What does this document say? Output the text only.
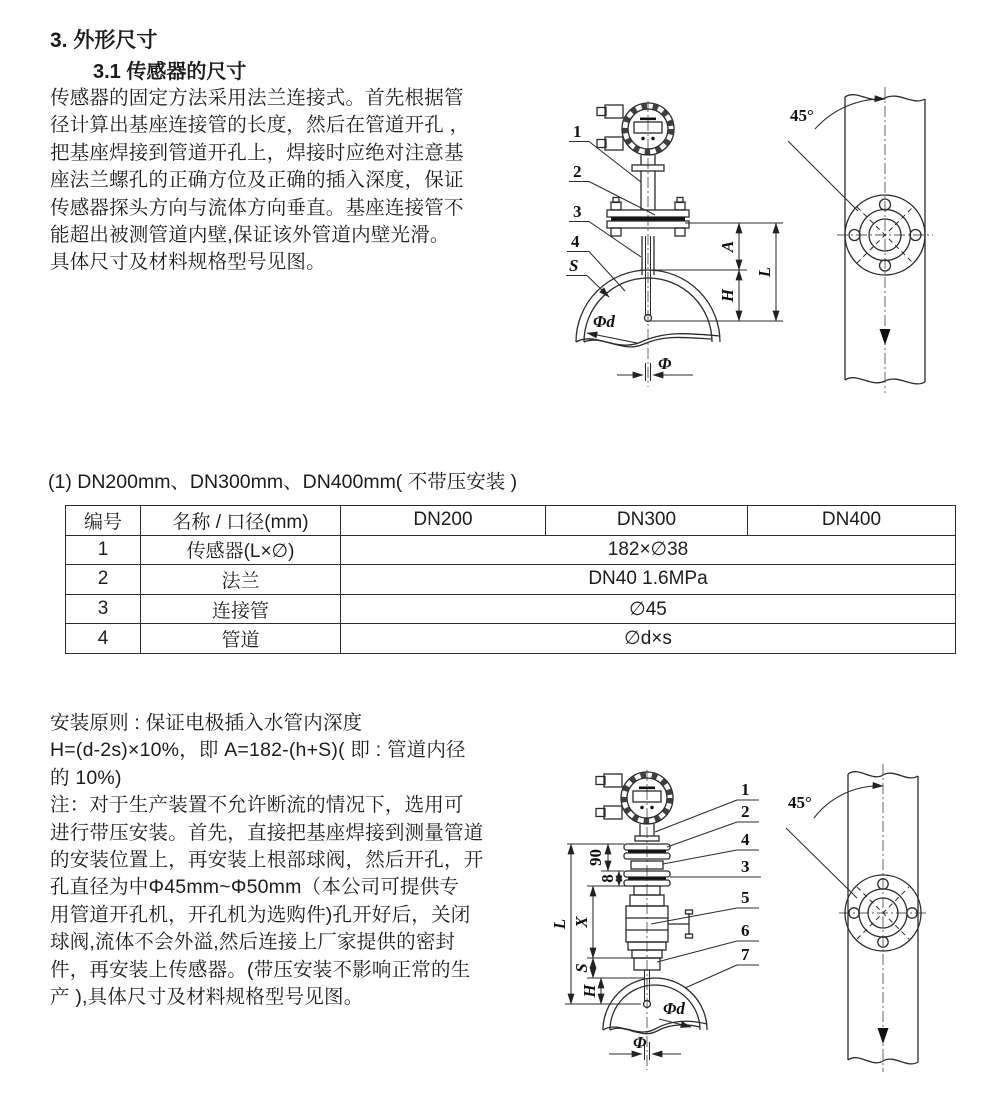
3. 外形尺寸
3.1 传感器的尺寸
传感器的固定方法采用法兰连接式。首先根据管
径计算出基座连接管的长度，然后在管道开孔 ，
把基座焊接到管道开孔上，焊接时应绝对注意基
座法兰螺孔的正确方位及正确的插入深度，保证
传感器探头方向与流体方向垂直。基座连接管不
能超出被测管道内壁,保证该外管道内壁光滑。
具体尺寸及材料规格型号见图。
1
2
3
4
S
A
H
L
Φd
Φ
45°
(1) DN200mm、DN300mm、DN400mm( 不带压安装 )
编号	名称 / 口径(mm)	DN200	DN300	DN400
1	传感器(L×∅)	182×∅38		
2	法兰	DN40 1.6MPa		
3	连接管	∅45		
4	管道	∅d×s		
安装原则 : 保证电极插入水管内深度
H=(d-2s)×10%，即 A=182-(h+S)( 即 : 管道内径
的 10%)
注：对于生产装置不允许断流的情况下，选用可
进行带压安装。首先，直接把基座焊接到测量管道
的安装位置上，再安装上根部球阀，然后开孔，开
孔直径为中Φ45mm~Φ50mm（本公司可提供专
用管道开孔机，开孔机为选购件)孔开好后，关闭
球阀,流体不会外溢,然后连接上厂家提供的密封
件，再安装上传感器。(带压安装不影响正常的生
产 ),具体尺寸及材料规格型号见图。
90
8
X
S
H
L
1
2
4
3
5
6
7
Φd
Φ
45°
